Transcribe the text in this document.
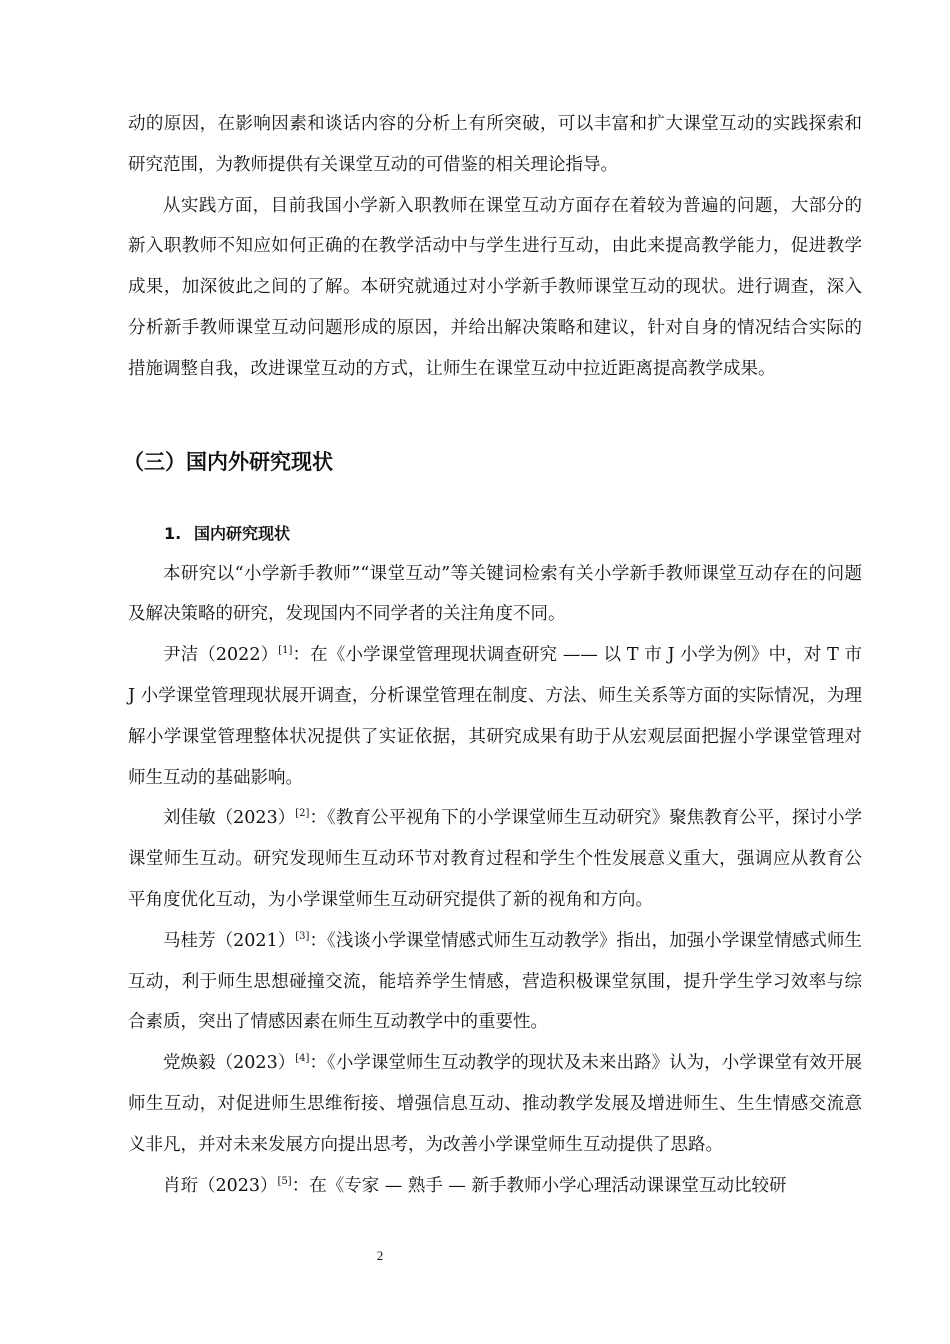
动的原因，在影响因素和谈话内容的分析上有所突破，可以丰富和扩大课堂互动的实践探索和研究范围，为教师提供有关课堂互动的可借鉴的相关理论指导。

从实践方面，目前我国小学新入职教师在课堂互动方面存在着较为普遍的问题，大部分的新入职教师不知应如何正确的在教学活动中与学生进行互动，由此来提高教学能力，促进教学成果，加深彼此之间的了解。本研究就通过对小学新手教师课堂互动的现状。进行调查，深入分析新手教师课堂互动问题形成的原因，并给出解决策略和建议，针对自身的情况结合实际的措施调整自我，改进课堂互动的方式，让师生在课堂互动中拉近距离提高教学成果。

（三）国内外研究现状
1. 国内研究现状

本研究以“小学新手教师”“课堂互动”等关键词检索有关小学新手教师课堂互动存在的问题及解决策略的研究，发现国内不同学者的关注角度不同。

尹洁（2022）[1]：在《小学课堂管理现状调查研究 —— 以 T 市 J 小学为例》中，对 T 市 J 小学课堂管理现状展开调查，分析课堂管理在制度、方法、师生关系等方面的实际情况，为理解小学课堂管理整体状况提供了实证依据，其研究成果有助于从宏观层面把握小学课堂管理对师生互动的基础影响。

刘佳敏（2023）[2]：《教育公平视角下的小学课堂师生互动研究》聚焦教育公平，探讨小学课堂师生互动。研究发现师生互动环节对教育过程和学生个性发展意义重大，强调应从教育公平角度优化互动，为小学课堂师生互动研究提供了新的视角和方向。

马桂芳（2021）[3]：《浅谈小学课堂情感式师生互动教学》指出，加强小学课堂情感式师生互动，利于师生思想碰撞交流，能培养学生情感，营造积极课堂氛围，提升学生学习效率与综合素质，突出了情感因素在师生互动教学中的重要性。

党焕毅（2023）[4]：《小学课堂师生互动教学的现状及未来出路》认为，小学课堂有效开展师生互动，对促进师生思维衔接、增强信息互动、推动教学发展及增进师生、生生情感交流意义非凡，并对未来发展方向提出思考，为改善小学课堂师生互动提供了思路。

肖珩（2023）[5]：在《专家 — 熟手 — 新手教师小学心理活动课课堂互动比较研

2
